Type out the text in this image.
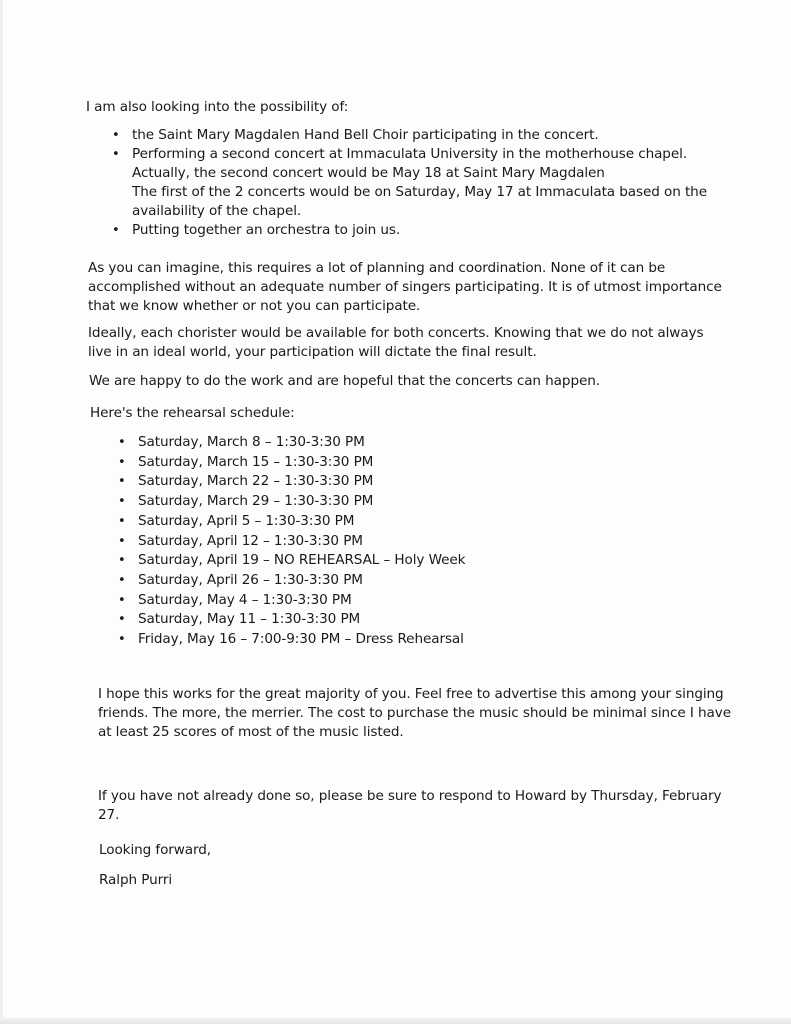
I am also looking into the possibility of:

• the Saint Mary Magdalen Hand Bell Choir participating in the concert.
• Performing a second concert at Immaculata University in the motherhouse chapel. Actually, the second concert would be May 18 at Saint Mary Magdalen

The first of the 2 concerts would be on Saturday, May 17 at Immaculata based on the availability of the chapel.

• Putting together an orchestra to join us.

As you can imagine, this requires a lot of planning and coordination. None of it can be accomplished without an adequate number of singers participating. It is of utmost importance that we know whether or not you can participate.

Ideally, each chorister would be available for both concerts. Knowing that we do not always live in an ideal world, your participation will dictate the final result.

We are happy to do the work and are hopeful that the concerts can happen.

Here's the rehearsal schedule:

• Saturday, March 8 – 1:30-3:30 PM
• Saturday, March 15 – 1:30-3:30 PM
• Saturday, March 22 – 1:30-3:30 PM
• Saturday, March 29 – 1:30-3:30 PM
• Saturday, April 5 – 1:30-3:30 PM
• Saturday, April 12 – 1:30-3:30 PM
• Saturday, April 19 – NO REHEARSAL – Holy Week
• Saturday, April 26 – 1:30-3:30 PM
• Saturday, May 4 – 1:30-3:30 PM
• Saturday, May 11 – 1:30-3:30 PM
• Friday, May 16 – 7:00-9:30 PM – Dress Rehearsal

I hope this works for the great majority of you. Feel free to advertise this among your singing friends. The more, the merrier. The cost to purchase the music should be minimal since I have at least 25 scores of most of the music listed.

If you have not already done so, please be sure to respond to Howard by Thursday, February 27.

Looking forward,

Ralph Purri
